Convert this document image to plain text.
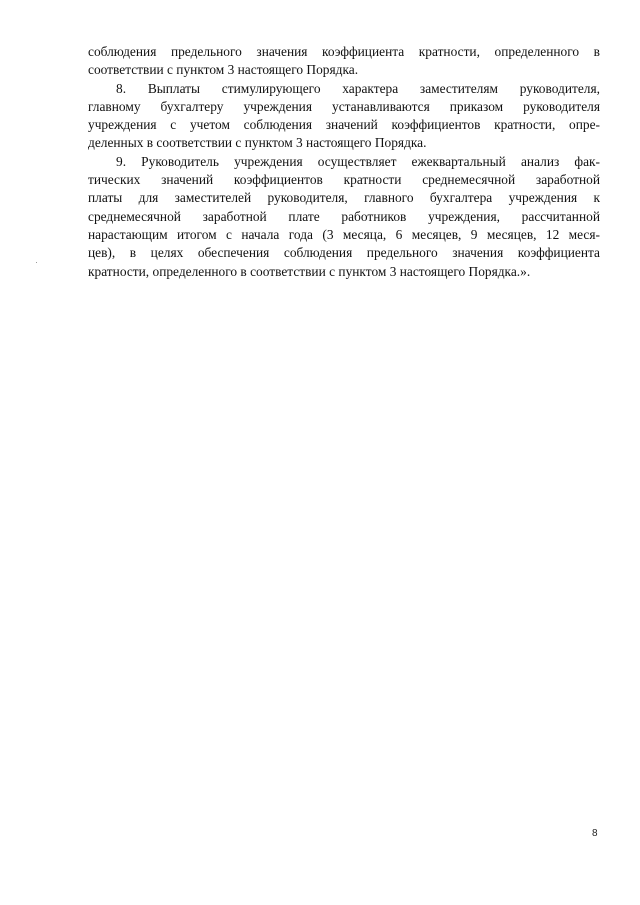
соблюдения предельного значения коэффициента кратности, определенного в
соответствии с пунктом 3 настоящего Порядка.

8. Выплаты стимулирующего характера заместителям руководителя,
главному бухгалтеру учреждения устанавливаются приказом руководителя
учреждения с учетом соблюдения значений коэффициентов кратности, опре-
деленных в соответствии с пунктом 3 настоящего Порядка.

9. Руководитель учреждения осуществляет ежеквартальный анализ фак-
тических значений коэффициентов кратности среднемесячной заработной
платы для заместителей руководителя, главного бухгалтера учреждения к
среднемесячной заработной плате работников учреждения, рассчитанной
нарастающим итогом с начала года (3 месяца, 6 месяцев, 9 месяцев, 12 меся-
цев), в целях обеспечения соблюдения предельного значения коэффициента
кратности, определенного в соответствии с пунктом 3 настоящего Порядка.».

8
